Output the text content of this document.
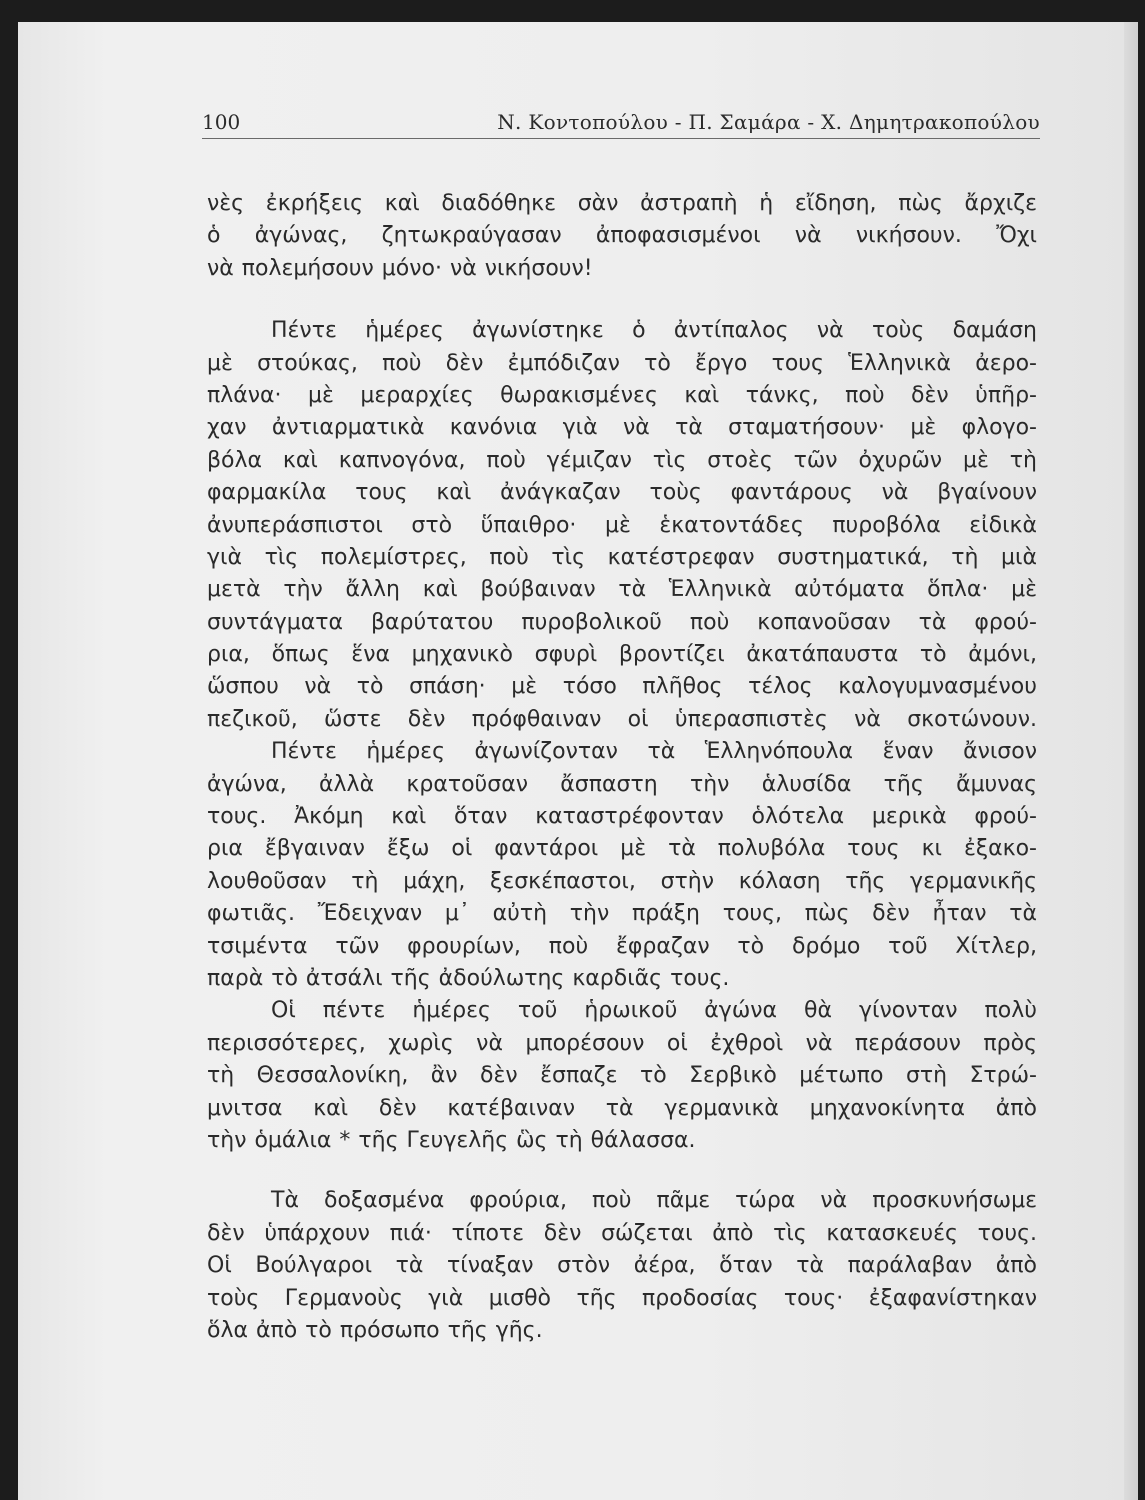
100	Ν. Κοντοπούλου - Π. Σαμάρα - Χ. Δημητρακοπούλου
νὲς ἐκρήξεις καὶ διαδόθηκε σὰν ἀστραπὴ ἡ εἴδηση, πὼς ἄρχιζε
ὁ ἀγώνας, ζητωκραύγασαν ἀποφασισμένοι νὰ νικήσουν. Ὄχι
νὰ πολεμήσουν μόνο· νὰ νικήσουν!
Πέντε ἡμέρες ἀγωνίστηκε ὁ ἀντίπαλος νὰ τοὺς δαμάση
μὲ στούκας, ποὺ δὲν ἐμπόδιζαν τὸ ἔργο τους Ἑλληνικὰ ἀερο-
πλάνα· μὲ μεραρχίες θωρακισμένες καὶ τάνκς, ποὺ δὲν ὑπῆρ-
χαν ἀντιαρματικὰ κανόνια γιὰ νὰ τὰ σταματήσουν· μὲ φλογο-
βόλα καὶ καπνογόνα, ποὺ γέμιζαν τὶς στοὲς τῶν ὀχυρῶν μὲ τὴ
φαρμακίλα τους καὶ ἀνάγκαζαν τοὺς φαντάρους νὰ βγαίνουν
ἀνυπεράσπιστοι στὸ ὕπαιθρο· μὲ ἑκατοντάδες πυροβόλα εἰδικὰ
γιὰ τὶς πολεμίστρες, ποὺ τὶς κατέστρεφαν συστηματικά, τὴ μιὰ
μετὰ τὴν ἄλλη καὶ βούβαιναν τὰ Ἑλληνικὰ αὐτόματα ὅπλα· μὲ
συντάγματα βαρύτατου πυροβολικοῦ ποὺ κοπανοῦσαν τὰ φρού-
ρια, ὅπως ἕνα μηχανικὸ σφυρὶ βροντίζει ἀκατάπαυστα τὸ ἀμόνι,
ὥσπου νὰ τὸ σπάση· μὲ τόσο πλῆθος τέλος καλογυμνασμένου
πεζικοῦ, ὥστε δὲν πρόφθαιναν οἱ ὑπερασπιστὲς νὰ σκοτώνουν.
Πέντε ἡμέρες ἀγωνίζονταν τὰ Ἑλληνόπουλα ἕναν ἄνισον
ἀγώνα, ἀλλὰ κρατοῦσαν ἄσπαστη τὴν ἁλυσίδα τῆς ἄμυνας
τους. Ἀκόμη καὶ ὅταν καταστρέφονταν ὁλότελα μερικὰ φρού-
ρια ἔβγαιναν ἔξω οἱ φαντάροι μὲ τὰ πολυβόλα τους κι ἐξακο-
λουθοῦσαν τὴ μάχη, ξεσκέπαστοι, στὴν κόλαση τῆς γερμανικῆς
φωτιᾶς. Ἔδειχναν μ᾿ αὐτὴ τὴν πράξη τους, πὼς δὲν ἦταν τὰ
τσιμέντα τῶν φρουρίων, ποὺ ἔφραζαν τὸ δρόμο τοῦ Χίτλερ,
παρὰ τὸ ἀτσάλι τῆς ἀδούλωτης καρδιᾶς τους.
Οἱ πέντε ἡμέρες τοῦ ἡρωικοῦ ἀγώνα θὰ γίνονταν πολὺ
περισσότερες, χωρὶς νὰ μπορέσουν οἱ ἐχθροὶ νὰ περάσουν πρὸς
τὴ Θεσσαλονίκη, ἂν δὲν ἔσπαζε τὸ Σερβικὸ μέτωπο στὴ Στρώ-
μνιτσα καὶ δὲν κατέβαιναν τὰ γερμανικὰ μηχανοκίνητα ἀπὸ
τὴν ὁμάλια * τῆς Γευγελῆς ὣς τὴ θάλασσα.
Τὰ δοξασμένα φρούρια, ποὺ πᾶμε τώρα νὰ προσκυνήσωμε
δὲν ὑπάρχουν πιά· τίποτε δὲν σώζεται ἀπὸ τὶς κατασκευές τους.
Οἱ Βούλγαροι τὰ τίναξαν στὸν ἀέρα, ὅταν τὰ παράλαβαν ἀπὸ
τοὺς Γερμανοὺς γιὰ μισθὸ τῆς προδοσίας τους· ἐξαφανίστηκαν
ὅλα ἀπὸ τὸ πρόσωπο τῆς γῆς.
